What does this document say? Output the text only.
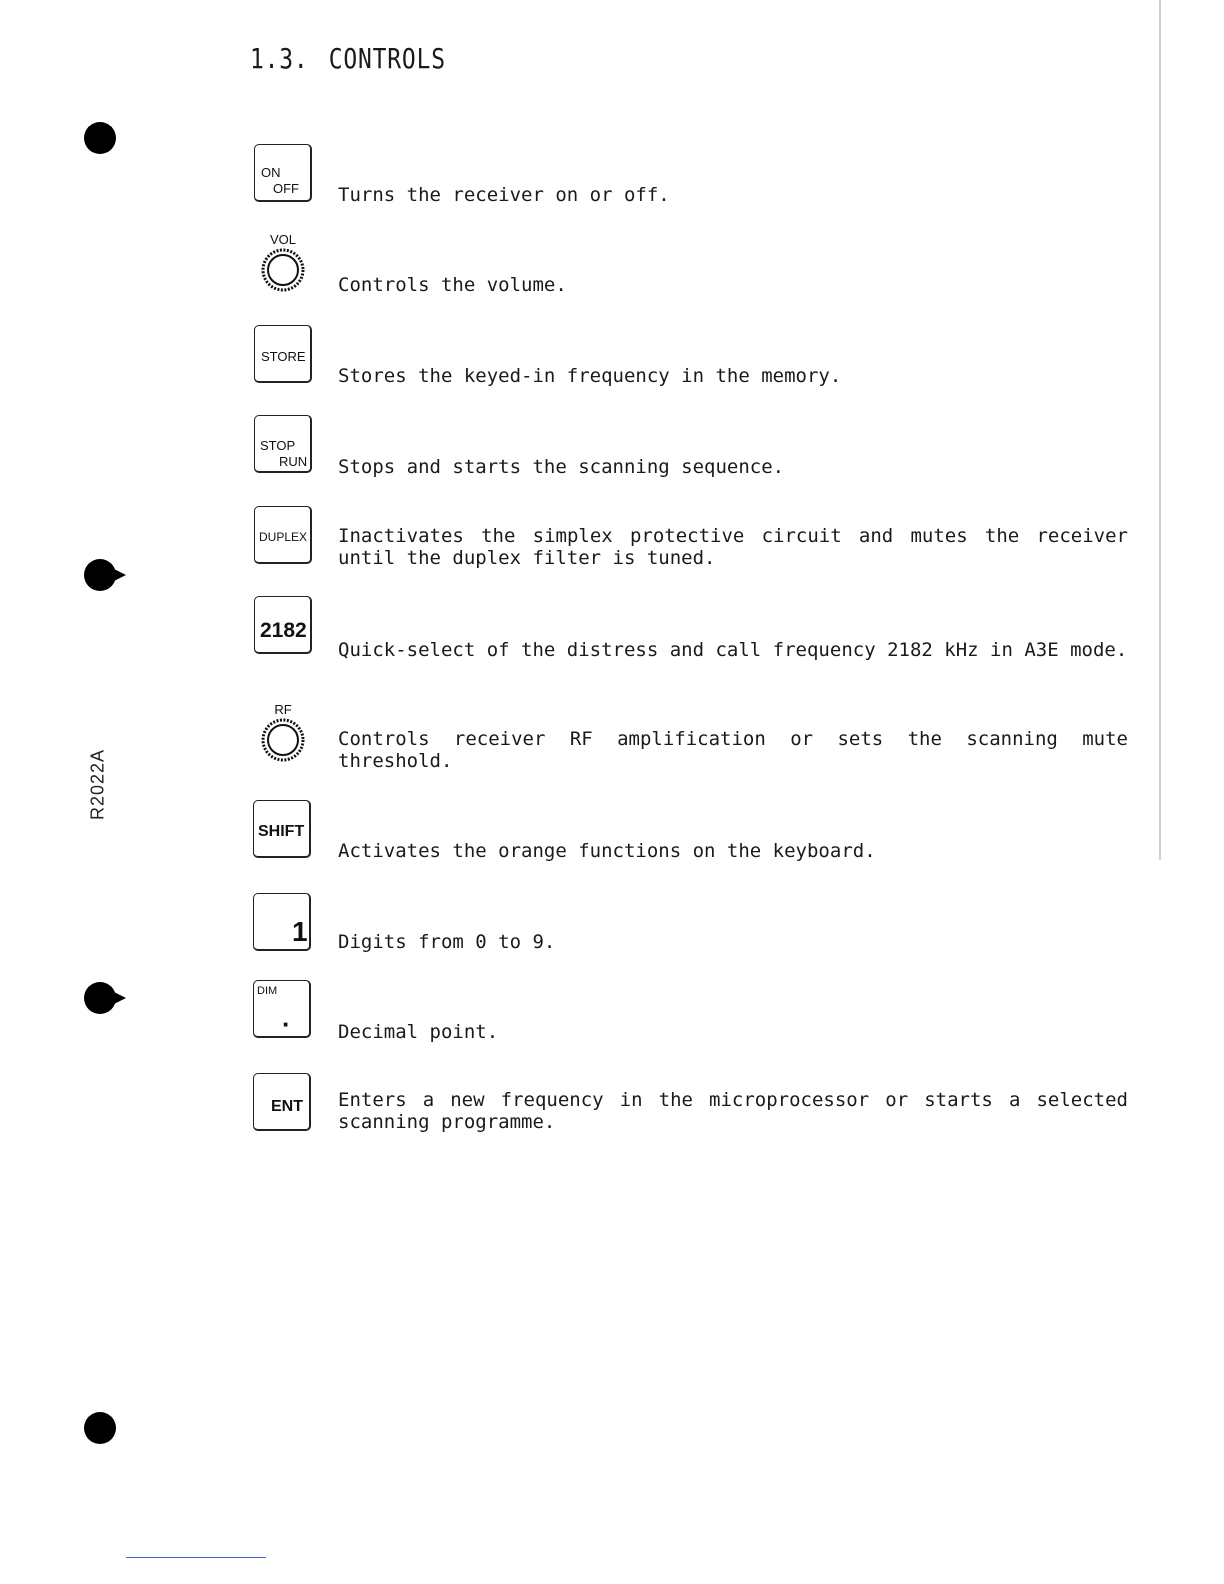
1.3. CONTROLS
R2022A
ON
OFF Turns the receiver on or off.
VOL
Controls the volume.
STORE
Stores the keyed-in frequency in the memory.
STOP
RUN Stops and starts the scanning sequence.
DUPLEX Inactivates the simplex protective circuit and mutes the receiver
until the duplex filter is tuned.
2182
Quick-select of the distress and call frequency 2182 kHz in A3E mode.
RF
Controls receiver RF amplification or sets the scanning mute
threshold.
SHIFT
Activates the orange functions on the keyboard.
1 Digits from 0 to 9.
DIM
· Decimal point.
ENT Enters a new frequency in the microprocessor or starts a selected
scanning programme.
